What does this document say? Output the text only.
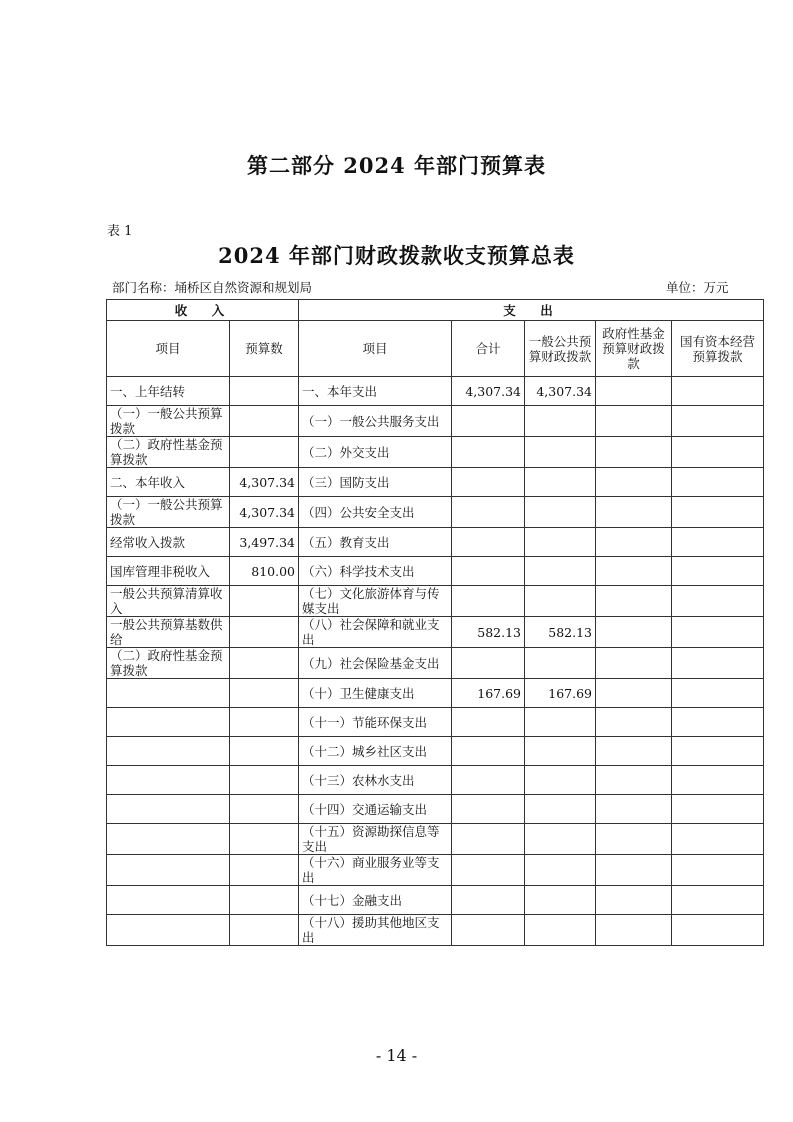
第二部分 2024 年部门预算表
表 1
2024 年部门财政拨款收支预算总表
部门名称：埇桥区自然资源和规划局	单位：万元
收　入		支　出				
项目	预算数	项目	合计	一般公共预算财政拨款	政府性基金预算财政拨款	国有资本经营预算拨款
一、上年结转		一、本年支出	4,307.34	4,307.34		
（一）一般公共预算拨款		（一）一般公共服务支出				
（二）政府性基金预算拨款		（二）外交支出				
二、本年收入	4,307.34	（三）国防支出				
（一）一般公共预算拨款	4,307.34	（四）公共安全支出				
经常收入拨款	3,497.34	（五）教育支出				
国库管理非税收入	810.00	（六）科学技术支出				
一般公共预算清算收入		（七）文化旅游体育与传媒支出				
一般公共预算基数供给		（八）社会保障和就业支出	582.13	582.13		
（二）政府性基金预算拨款		（九）社会保险基金支出				
		（十）卫生健康支出	167.69	167.69		
		（十一）节能环保支出				
		（十二）城乡社区支出				
		（十三）农林水支出				
		（十四）交通运输支出				
		（十五）资源勘探信息等支出				
		（十六）商业服务业等支出				
		（十七）金融支出				
		（十八）援助其他地区支出				
- 14 -
